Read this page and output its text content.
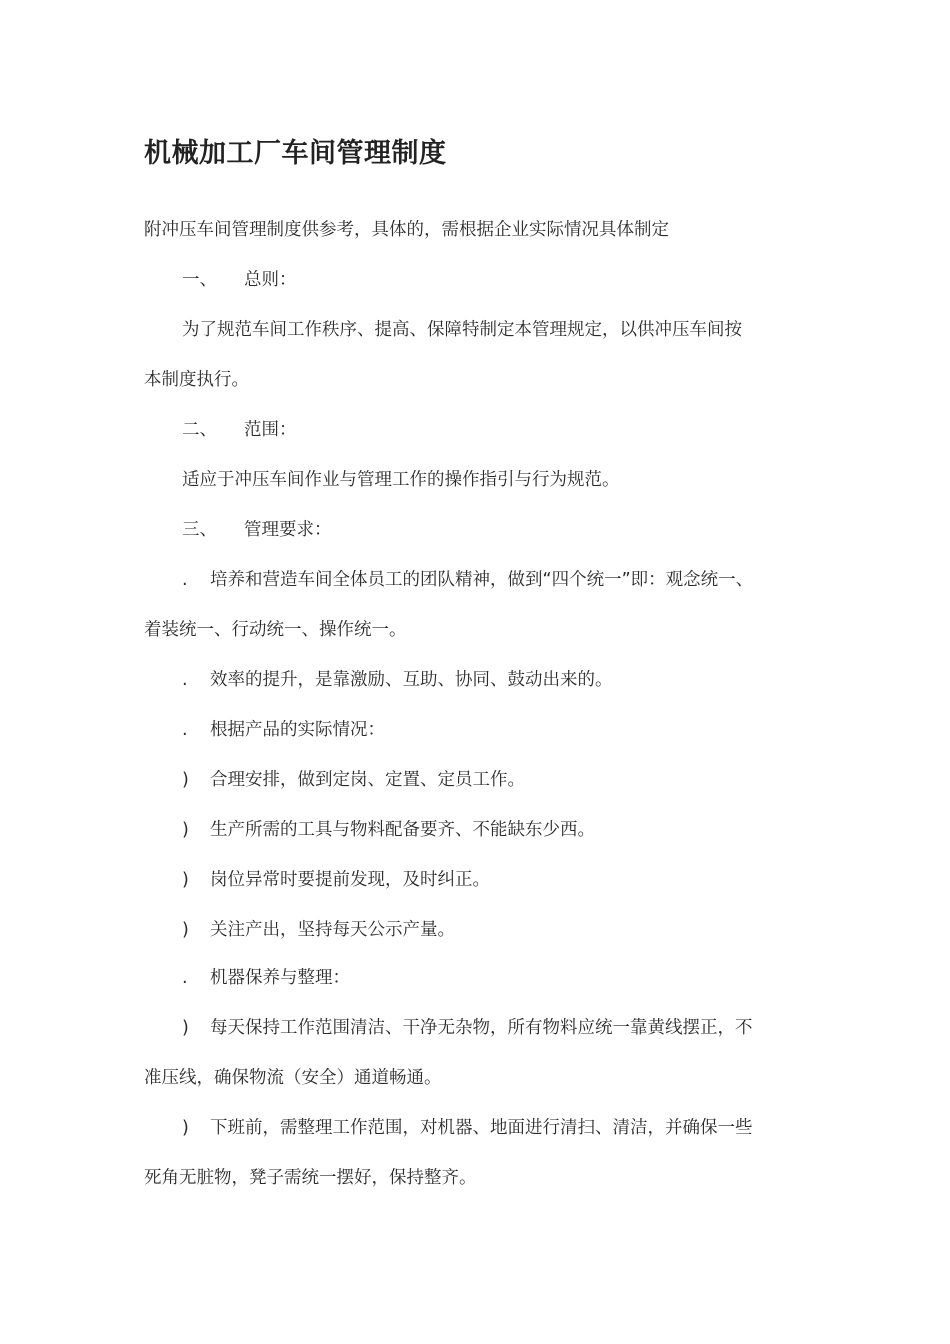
机械加工厂车间管理制度
附冲压车间管理制度供参考，具体的，需根据企业实际情况具体制定
一、 总则：
为了规范车间工作秩序、提高、保障特制定本管理规定，以供冲压车间按
本制度执行。
二、 范围：
适应于冲压车间作业与管理工作的操作指引与行为规范。
三、 管理要求：
. 培养和营造车间全体员工的团队精神，做到“四个统一”即：观念统一、
着装统一、行动统一、操作统一。
. 效率的提升，是靠激励、互助、协同、鼓动出来的。
. 根据产品的实际情况：
) 合理安排，做到定岗、定置、定员工作。
) 生产所需的工具与物料配备要齐、不能缺东少西。
) 岗位异常时要提前发现，及时纠正。
) 关注产出，坚持每天公示产量。
. 机器保养与整理：
) 每天保持工作范围清洁、干净无杂物，所有物料应统一靠黄线摆正，不
准压线，确保物流（安全）通道畅通。
) 下班前，需整理工作范围，对机器、地面进行清扫、清洁，并确保一些
死角无脏物，凳子需统一摆好，保持整齐。
